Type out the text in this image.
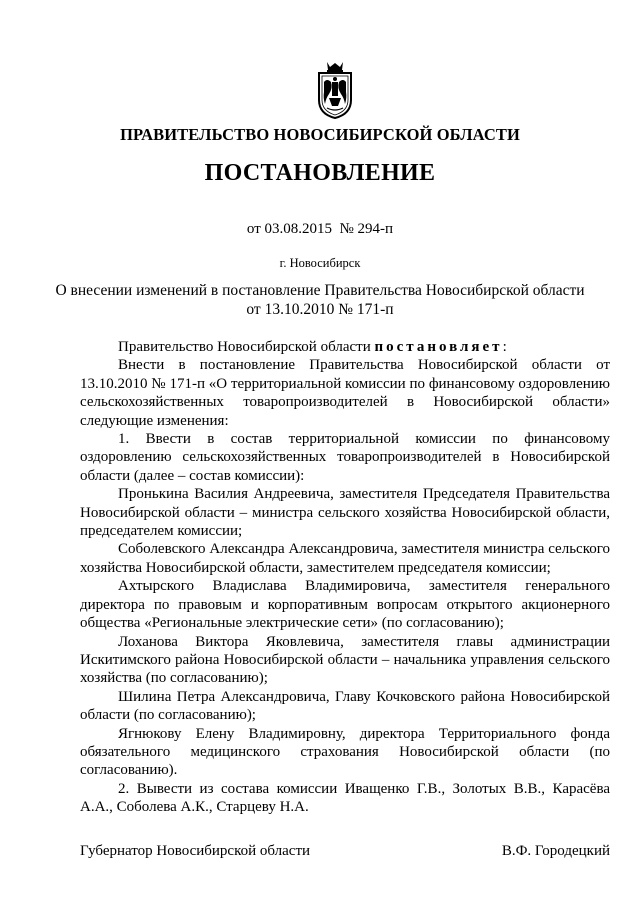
ПРАВИТЕЛЬСТВО НОВОСИБИРСКОЙ ОБЛАСТИ
ПОСТАНОВЛЕНИЕ
от 03.08.2015  № 294-п
г. Новосибирск
О внесении изменений в постановление Правительства Новосибирской области
от 13.10.2010 № 171-п

Правительство Новосибирской области постановляет:

Внести в постановление Правительства Новосибирской области от 13.10.2010 № 171-п «О территориальной комиссии по финансовому оздоровлению сельскохозяйственных товаропроизводителей в Новосибирской области» следующие изменения:

1. Ввести в состав территориальной комиссии по финансовому оздоровлению сельскохозяйственных товаропроизводителей в Новосибирской области (далее – состав комиссии):

Пронькина Василия Андреевича, заместителя Председателя Правительства Новосибирской области – министра сельского хозяйства Новосибирской области, председателем комиссии;

Соболевского Александра Александровича, заместителя министра сельского хозяйства Новосибирской области, заместителем председателя комиссии;

Ахтырского Владислава Владимировича, заместителя генерального директора по правовым и корпоративным вопросам открытого акционерного общества «Региональные электрические сети» (по согласованию);

Лоханова Виктора Яковлевича, заместителя главы администрации Искитимского района Новосибирской области – начальника управления сельского хозяйства (по согласованию);

Шилина Петра Александровича, Главу Кочковского района Новосибирской области (по согласованию);

Ягнюкову Елену Владимировну, директора Территориального фонда обязательного медицинского страхования Новосибирской области (по согласованию).

2. Вывести из состава комиссии Иващенко Г.В., Золотых В.В., Карасёва А.А., Соболева А.К., Старцеву Н.А.

Губернатор Новосибирской области	В.Ф. Городецкий
